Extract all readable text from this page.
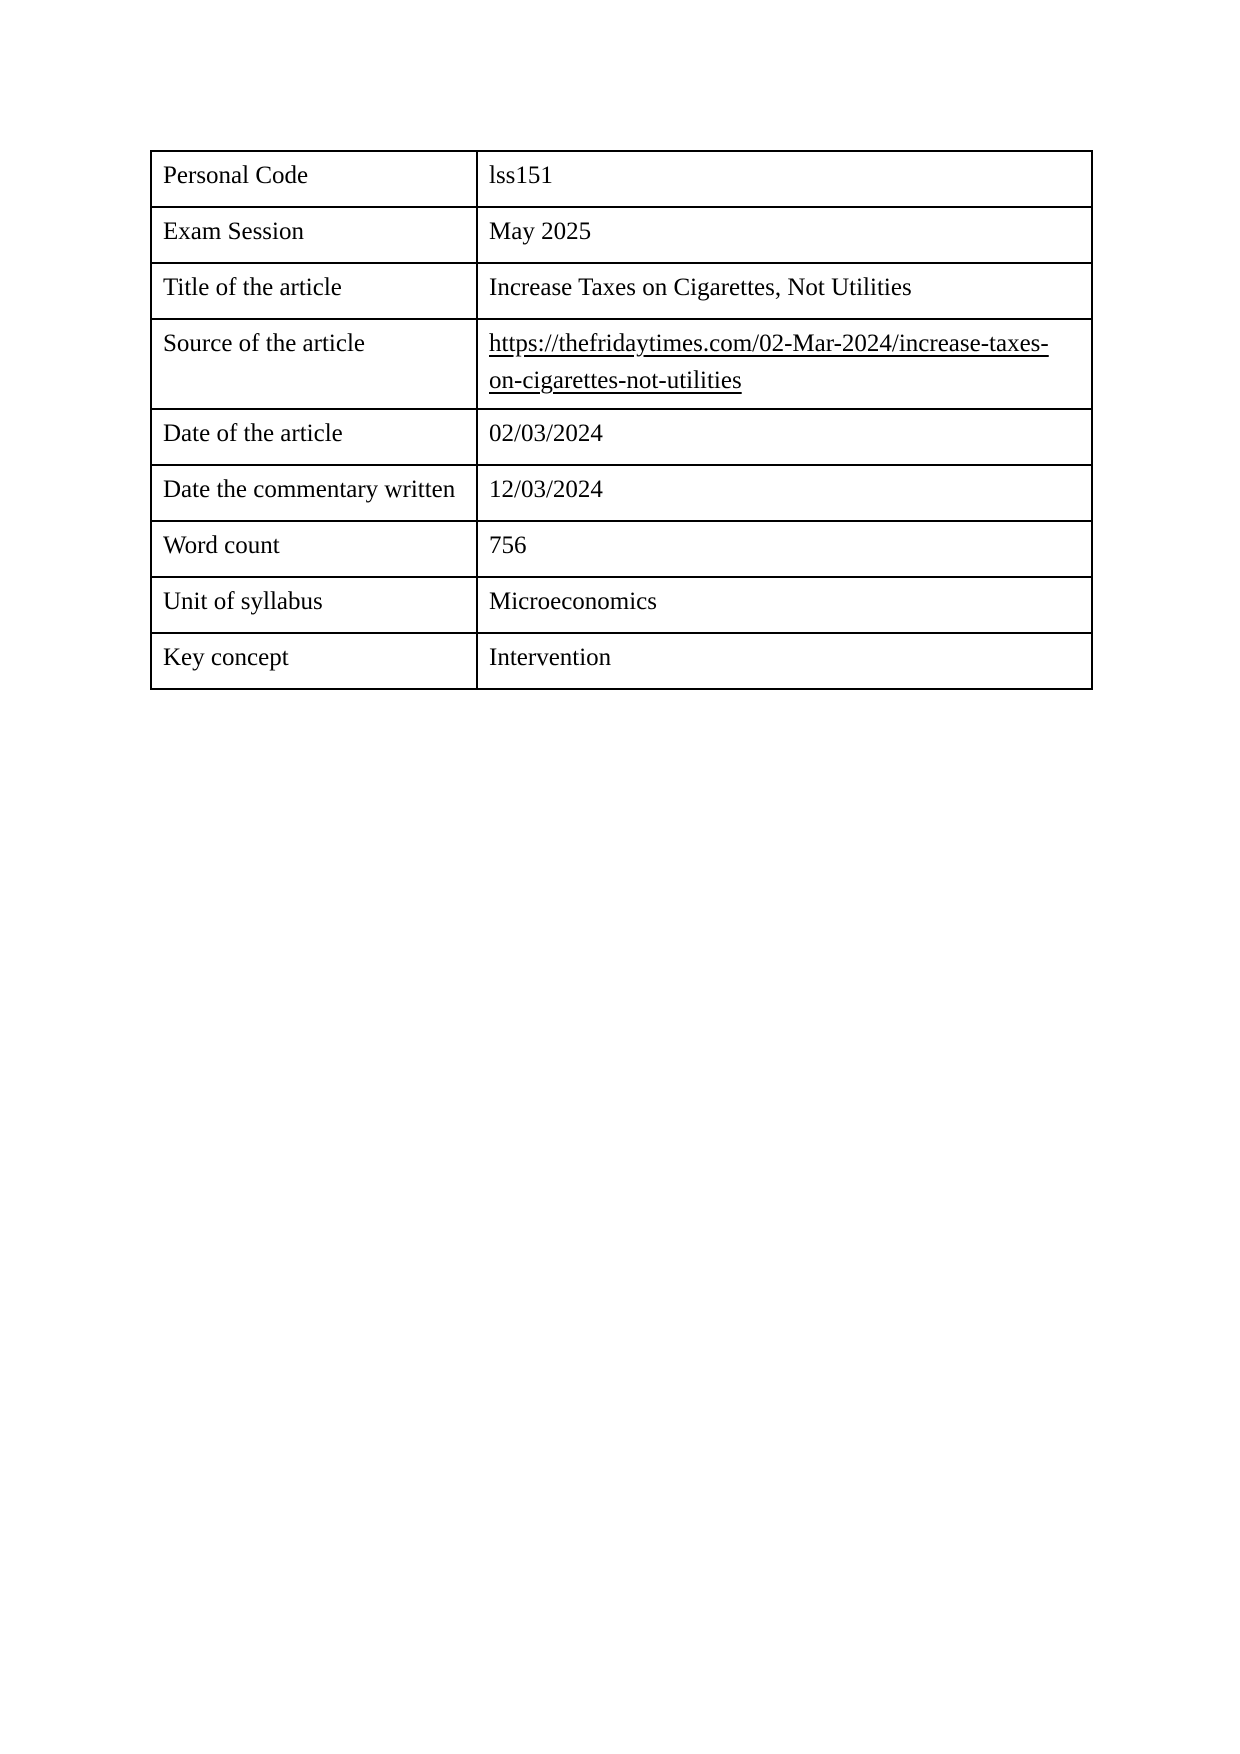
Personal Code	lss151
Exam Session	May 2025
Title of the article	Increase Taxes on Cigarettes, Not Utilities
Source of the article	https://thefridaytimes.com/02-Mar-2024/increase-taxes-
on-cigarettes-not-utilities

Date of the article	02/03/2024
Date the commentary written	12/03/2024
Word count	756
Unit of syllabus	Microeconomics
Key concept	Intervention
